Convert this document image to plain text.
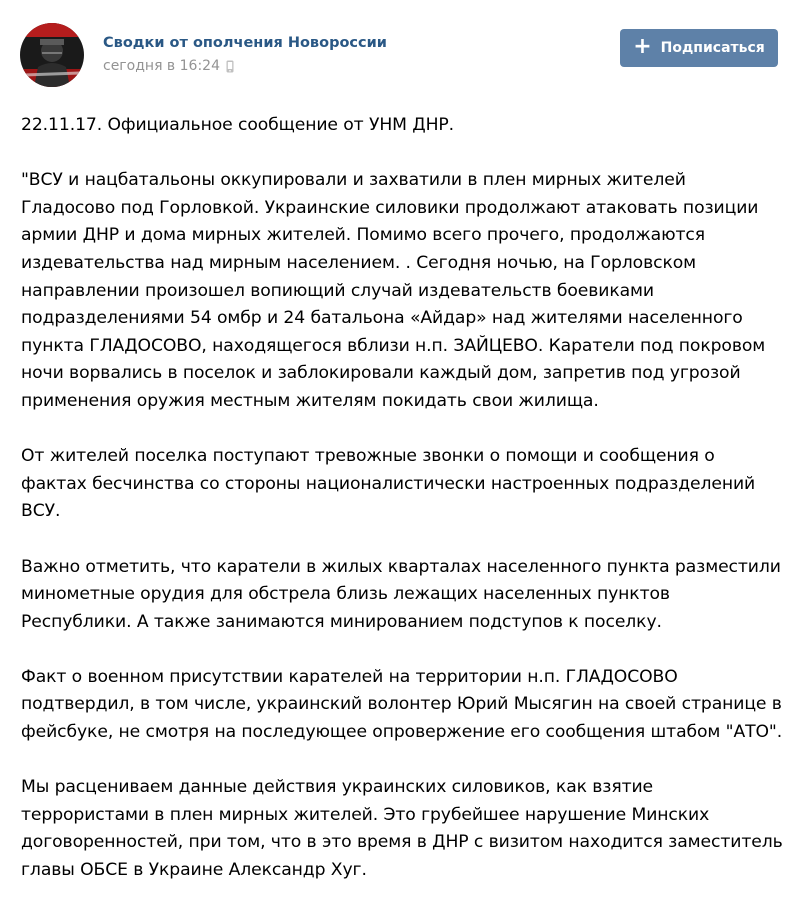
Сводки от ополчения Новороссии
сегодня в 16:24
+ Подписаться

22.11.17. Официальное сообщение от УНМ ДНР.

"ВСУ и нацбатальоны оккупировали и захватили в плен мирных жителей Гладосово под Горловкой. Украинские силовики продолжают атаковать позиции армии ДНР и дома мирных жителей. Помимо всего прочего, продолжаются издевательства над мирным населением. . Сегодня ночью, на Горловском направлении произошел вопиющий случай издевательств боевиками подразделениями 54 омбр и 24 батальона «Айдар» над жителями населенного пункта ГЛАДОСОВО, находящегося вблизи н.п. ЗАЙЦЕВО. Каратели под покровом ночи ворвались в поселок и заблокировали каждый дом, запретив под угрозой применения оружия местным жителям покидать свои жилища.

От жителей поселка поступают тревожные звонки о помощи и сообщения о фактах бесчинства со стороны националистически настроенных подразделений ВСУ.

Важно отметить, что каратели в жилых кварталах населенного пункта разместили минометные орудия для обстрела близь лежащих населенных пунктов Республики. А также занимаются минированием подступов к поселку.

Факт о военном присутствии карателей на территории н.п. ГЛАДОСОВО подтвердил, в том числе, украинский волонтер Юрий Мысягин на своей странице в фейсбуке, не смотря на последующее опровержение его сообщения штабом "АТО".

Мы расцениваем данные действия украинских силовиков, как взятие террористами в плен мирных жителей. Это грубейшее нарушение Минских договоренностей, при том, что в это время в ДНР с визитом находится заместитель главы ОБСЕ в Украине Александр Хуг.
